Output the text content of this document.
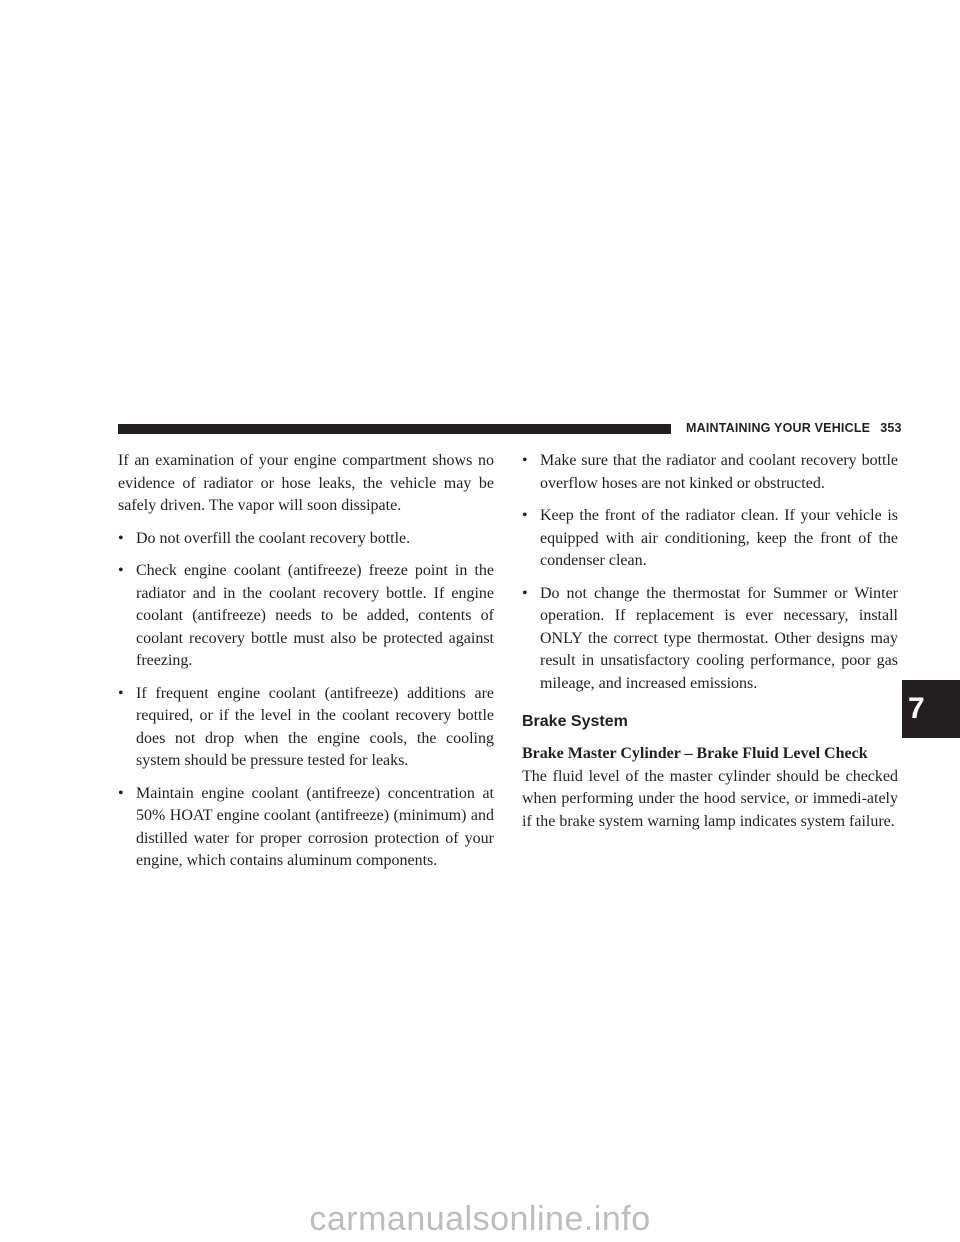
MAINTAINING YOUR VEHICLE 353

If an examination of your engine compartment shows no evidence of radiator or hose leaks, the vehicle may be safely driven. The vapor will soon dissipate.

• Do not overfill the coolant recovery bottle.
• Check engine coolant (antifreeze) freeze point in the radiator and in the coolant recovery bottle. If engine coolant (antifreeze) needs to be added, contents of coolant recovery bottle must also be protected against freezing.
• If frequent engine coolant (antifreeze) additions are required, or if the level in the coolant recovery bottle does not drop when the engine cools, the cooling system should be pressure tested for leaks.
• Maintain engine coolant (antifreeze) concentration at 50% HOAT engine coolant (antifreeze) (minimum) and distilled water for proper corrosion protection of your engine, which contains aluminum components.
• Make sure that the radiator and coolant recovery bottle overflow hoses are not kinked or obstructed.
• Keep the front of the radiator clean. If your vehicle is equipped with air conditioning, keep the front of the condenser clean.
• Do not change the thermostat for Summer or Winter operation. If replacement is ever necessary, install ONLY the correct type thermostat. Other designs may result in unsatisfactory cooling performance, poor gas mileage, and increased emissions.
Brake System

Brake Master Cylinder – Brake Fluid Level Check

The fluid level of the master cylinder should be checked when performing under the hood service, or immedi-ately if the brake system warning lamp indicates system failure.

7
carmanualsonline.info
